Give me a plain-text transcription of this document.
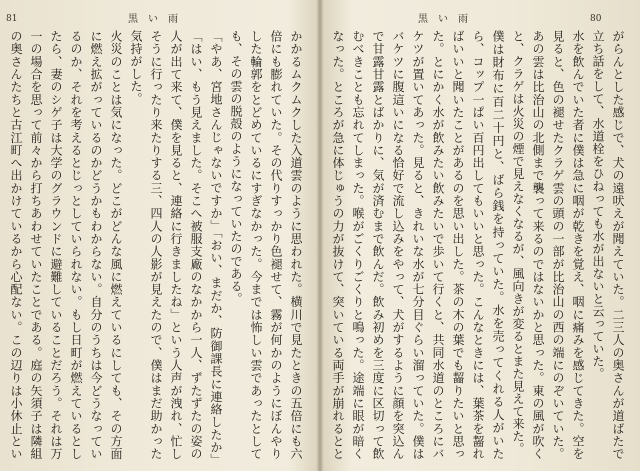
81	黒い雨

かかるムクムクした入道雲のように思われた。横川で見たときの五倍にも六倍にも膨れていた。その代りすっかり色褪せて、霧が何かのようにぼんやりした輪郭をとどめているにすぎなかった。今までは怖しい雲であったとしても、その雲の脱殻のようになっていたのである。

「やあ、宮地さんじゃないですか」「おい、まだか、防御課長に連絡したか」「はい、もう見えました。そこへ被服支廠のなかから一人、ずたずたの姿の人が出て来て、僕を見ると、連絡に行きましたね」という人声が洩れ、忙しそうに行ったり来たりする三、四人の人影が見えたので、僕はまだ助かった気持がした。

火災のことは気になった。どこがどんな風に燃えているにしても、その方面に燃え拡がっているのかどうかもわからない。自分のうちは今どうなっているのか、それを考えるとじっとしていられない。もし日町が燃えているとしたら、妻のシゲ子は大学のグラウンドに避難していることだろう。それは万一の場合を思って前々から打ちあわせていたことである。庭の矢須子は隣組の奥さんたちと古江町へ出かけているから心配ない。この辺りは小休止とい

80
黒い雨

がらんとした感じで、犬の遠吠えが聞えていた。二三人の奥さんが道ばたで立ち話をして、水道栓をひねっても水が出ないと云っていた。

水を飲んでいた者に僕は急に咽が乾きを覚え、咽に痛みを感じてきた。空を見ると、色の褪せたクラゲ雲の頭の一部が比治山の西の端にのぞいていた。あの雲は比治山の北側まで襲って来るのではないかと思った。東の風が吹くと、クラゲは火災の煙で見えなくなるが、風向きが変るとまた見えて来た。

僕は財布に百二十円と、ばら銭を持っていた。水を売ってくれる人がいたら、コップ一ぱい百円出してもいいと思った。こんなときには、葉茶を齧ればいいと聞いたことがあるのを思い出した。茶の木の葉でも齧りたいと思った。とにかく水が飲みたい飲みたいで歩いて行くと、共同水道のところにバケツが置いてあった。見ると、きれいな水が七分目ぐらい溜っていた。僕はバケツに腹這いになる恰好で流し込みをやって、犬がするように顔を突込んで甘露甘露とばかりに、気が済むまで飲んだ。飲み初めを三度に区切って飲むべきことも忘れてしまった。喉がごくりごくりと鳴った。途端に眼が暗くなった。ところが急に体じゅうの力が抜けて、突いている両手が崩れるとと
